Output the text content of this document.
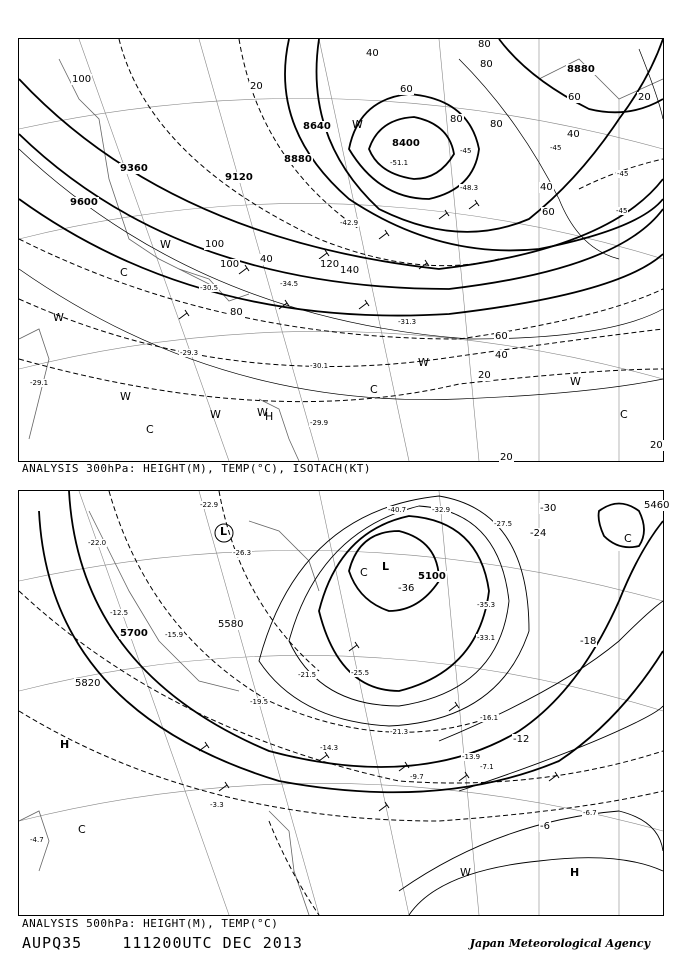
9600
9360
9120
8880
8640
8400
8880
100
20
40
60
80
100
40
80
120
140
100
80
60
40
20
20
40
60
80
40
60
80
20
20
-29.1
-29.3
-30.5
-30.1
-29.9
-31.3
-34.5
-51.1
-45
-48.3
-42.9
-45
-45
-45
W
C
W
W
C
W
C
W
W
C
W
W
H
ANALYSIS 300hPa: HEIGHT(M), TEMP(°C), ISOTACH(KT)
5700
5820
5580
5100
5460
-18
-12
-6
-24
-30
-36
-6.7
-3.3
-4.7
-9.7
-7.1
-13.9
-21.3
-16.1
-14.3
-19.5
-21.5	-25.5
-33.1
-35.3
-27.5
-32.9
-40.7
-22.9
-26.3
-22.0
-15.9
-12.5
H
C
L
C L
C
W	H
ANALYSIS 500hPa: HEIGHT(M), TEMP(°C)
AUPQ35	111200UTC DEC 2013	Japan Meteorological Agency
